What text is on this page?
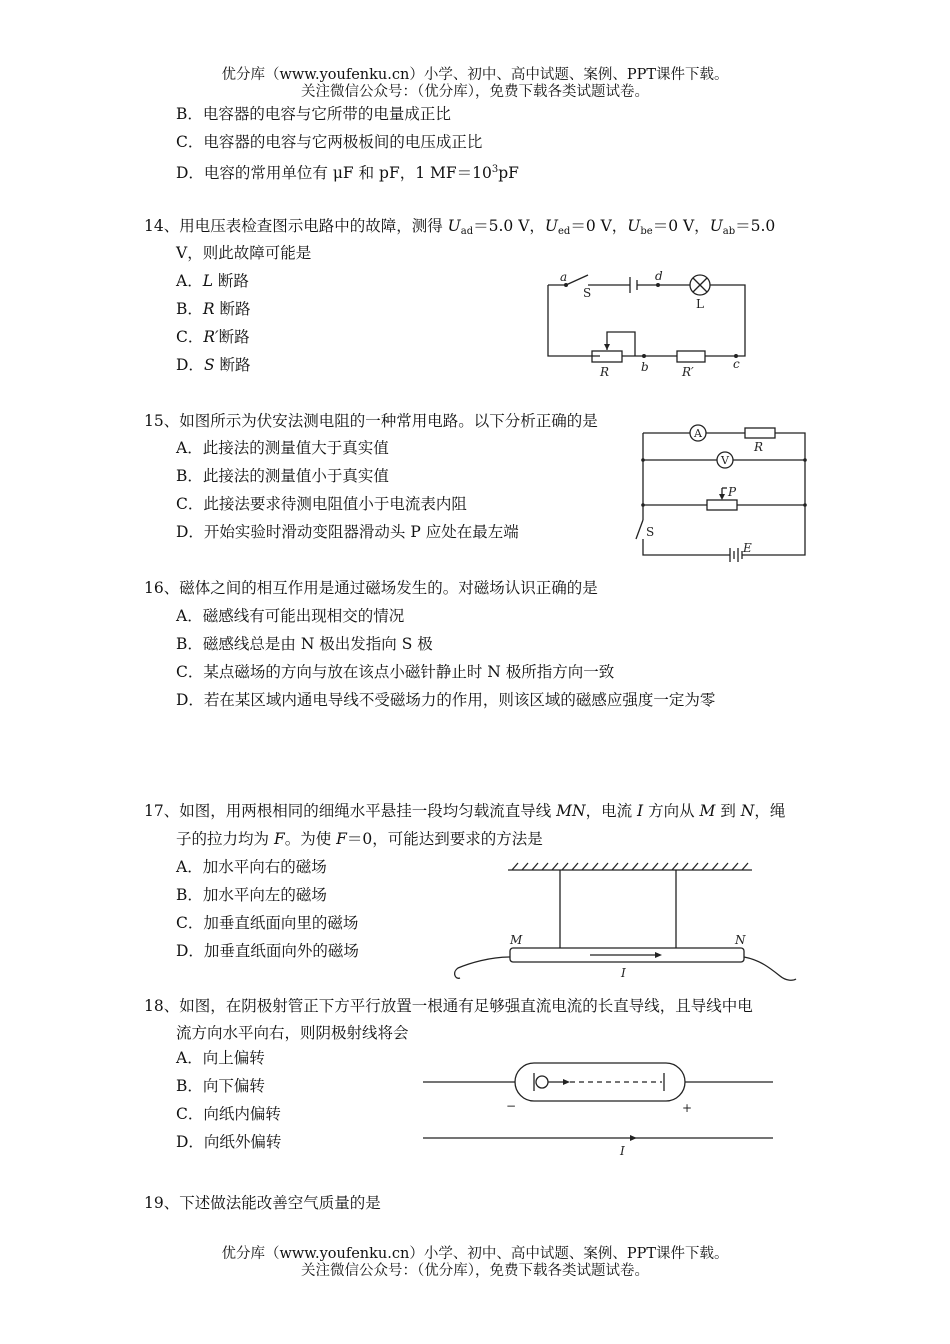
优分库（www.youfenku.cn）小学、初中、高中试题、案例、PPT课件下载。
关注微信公众号：（优分库），免费下载各类试题试卷。
B．电容器的电容与它所带的电量成正比
C．电容器的电容与它两极板间的电压成正比
D．电容的常用单位有 μF 和 pF，1 $MF=10^3pF$
14、用电压表检查图示电路中的故障，测得 $U_{ad}=5.0$ V，$U_{ed}=0$ V，$U_{be}=0$ V，$U_{ab}=5.0$
V，则此故障可能是
A．L 断路
B．R 断路
C．R′断路
D．S 断路
a
S
d
L
R	b	R′
c
15、如图所示为伏安法测电阻的一种常用电路。以下分析正确的是
A．此接法的测量值大于真实值
B．此接法的测量值小于真实值
C．此接法要求待测电阻值小于电流表内阻
D．开始实验时滑动变阻器滑动头 P 应处在最左端
A
V
R
P
S
E
16、磁体之间的相互作用是通过磁场发生的。对磁场认识正确的是
A．磁感线有可能出现相交的情况
B．磁感线总是由 N 极出发指向 S 极
C．某点磁场的方向与放在该点小磁针静止时 N 极所指方向一致
D．若在某区域内通电导线不受磁场力的作用，则该区域的磁感应强度一定为零
17、如图，用两根相同的细绳水平悬挂一段均匀载流直导线 MN，电流 I 方向从 M 到 N，绳
子的拉力均为 F。为使 F＝0，可能达到要求的方法是
A．加水平向右的磁场
B．加水平向左的磁场
C．加垂直纸面向里的磁场
D．加垂直纸面向外的磁场
M	N
I
18、如图，在阴极射管正下方平行放置一根通有足够强直流电流的长直导线，且导线中电
流方向水平向右，则阴极射线将会
A．向上偏转
B．向下偏转
C．向纸内偏转
D．向纸外偏转
−	+
I
19、下述做法能改善空气质量的是
优分库（www.youfenku.cn）小学、初中、高中试题、案例、PPT课件下载。
关注微信公众号：（优分库），免费下载各类试题试卷。
